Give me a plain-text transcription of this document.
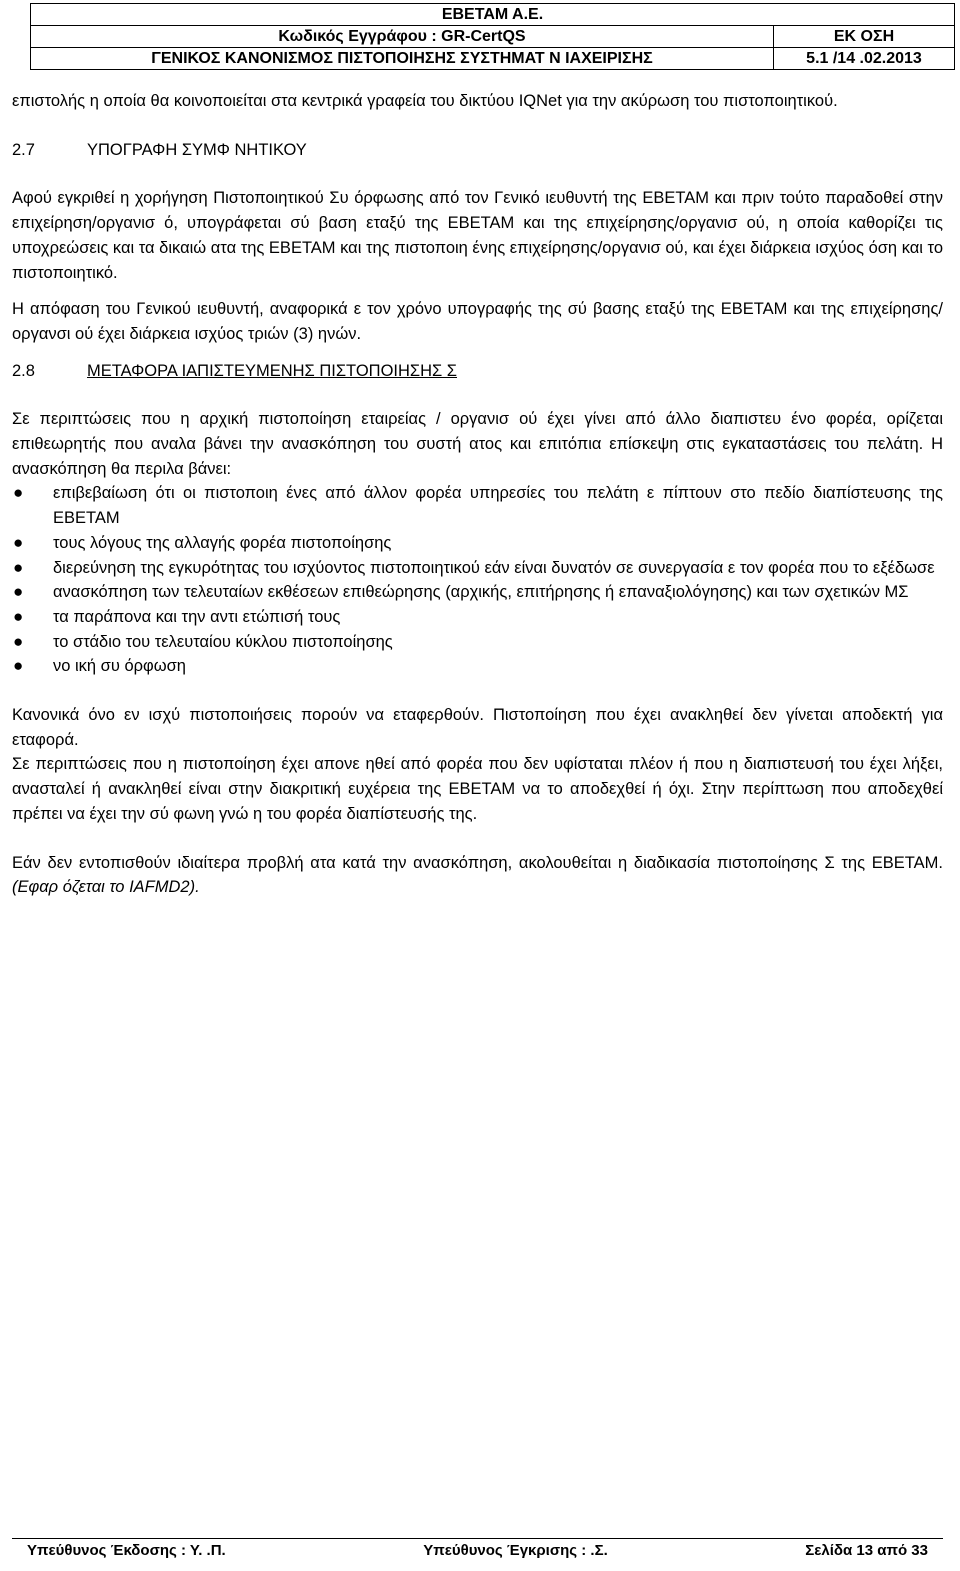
ΕΒΕΤΑΜ Α.Ε.
Κωδικός Εγγράφου : GR-CertQS	ΕΚ ΟΣΗ
ΓΕΝΙΚΟΣ ΚΑΝΟΝΙΣΜΟΣ ΠΙΣΤΟΠΟΙΗΣΗΣ ΣΥΣΤΗΜΑΤ Ν ΙΑΧΕΙΡΙΣΗΣ	5.1 /14 .02.2013

επιστολής η οποία θα κοινοποιείται στα κεντρικά γραφεία του δικτύου IQNet για την ακύρωση του πιστοποιητικού.

2.7	ΥΠΟΓΡΑΦΗ ΣΥΜΦ ΝΗΤΙΚΟΥ

Αφού εγκριθεί η χορήγηση Πιστοποιητικού Συ όρφωσης από τον Γενικό ιευθυντή της ΕΒΕΤΑΜ και πριν τούτο παραδοθεί στην επιχείρηση/οργανισ ό, υπογράφεται σύ βαση εταξύ της ΕΒΕΤΑΜ και της επιχείρησης/οργανισ ού, η οποία καθορίζει τις υποχρεώσεις και τα δικαιώ ατα της ΕΒΕΤΑΜ και της πιστοποιη ένης επιχείρησης/οργανισ ού, και έχει διάρκεια ισχύος όση και το πιστοποιητικό.

Η απόφαση του Γενικού ιευθυντή, αναφορικά ε τον χρόνο υπογραφής της σύ βασης εταξύ της ΕΒΕΤΑΜ και της επιχείρησης/οργανσι ού έχει διάρκεια ισχύος τριών (3) ηνών.

2.8	ΜΕΤΑΦΟΡΑ ΙΑΠΙΣΤΕΥΜΕΝΗΣ ΠΙΣΤΟΠΟΙΗΣΗΣ Σ

Σε περιπτώσεις που η αρχική πιστοποίηση εταιρείας / οργανισ ού έχει γίνει από άλλο διαπιστευ ένο φορέα, ορίζεται επιθεωρητής που αναλα βάνει την ανασκόπηση του συστή ατος και επιτόπια επίσκεψη στις εγκαταστάσεις του πελάτη. Η ανασκόπηση θα περιλα βάνει:

● επιβεβαίωση ότι οι πιστοποιη ένες από άλλον φορέα υπηρεσίες του πελάτη ε πίπτουν στο πεδίο διαπίστευσης της ΕΒΕΤΑΜ
● τους λόγους της αλλαγής φορέα πιστοποίησης
● διερεύνηση της εγκυρότητας του ισχύοντος πιστοποιητικού εάν είναι δυνατόν σε συνεργασία ε τον φορέα που το εξέδωσε
● ανασκόπηση των τελευταίων εκθέσεων επιθεώρησης (αρχικής, επιτήρησης ή επαναξιολόγησης) και των σχετικών ΜΣ
● τα παράπονα και την αντι ετώπισή τους
● το στάδιο του τελευταίου κύκλου πιστοποίησης
● νο ική συ όρφωση

Κανονικά όνο εν ισχύ πιστοποιήσεις πορούν να εταφερθούν. Πιστοποίηση που έχει ανακληθεί δεν γίνεται αποδεκτή για εταφορά.

Σε περιπτώσεις που η πιστοποίηση έχει απονε ηθεί από φορέα που δεν υφίσταται πλέον ή που η διαπιστευσή του έχει λήξει, ανασταλεί ή ανακληθεί είναι στην διακριτική ευχέρεια της ΕΒΕΤΑΜ να το αποδεχθεί ή όχι. Στην περίπτωση που αποδεχθεί πρέπει να έχει την σύ φωνη γνώ η του φορέα διαπίστευσής της.

Εάν δεν εντοπισθούν ιδιαίτερα προβλή ατα κατά την ανασκόπηση, ακολουθείται η διαδικασία πιστοποίησης Σ της ΕΒΕΤΑΜ. (Εφαρ όζεται το IAFMD2).

Υπεύθυνος Έκδοσης : Υ. .Π.	Υπεύθυνος Έγκρισης : .Σ.	Σελίδα 13 από 33
